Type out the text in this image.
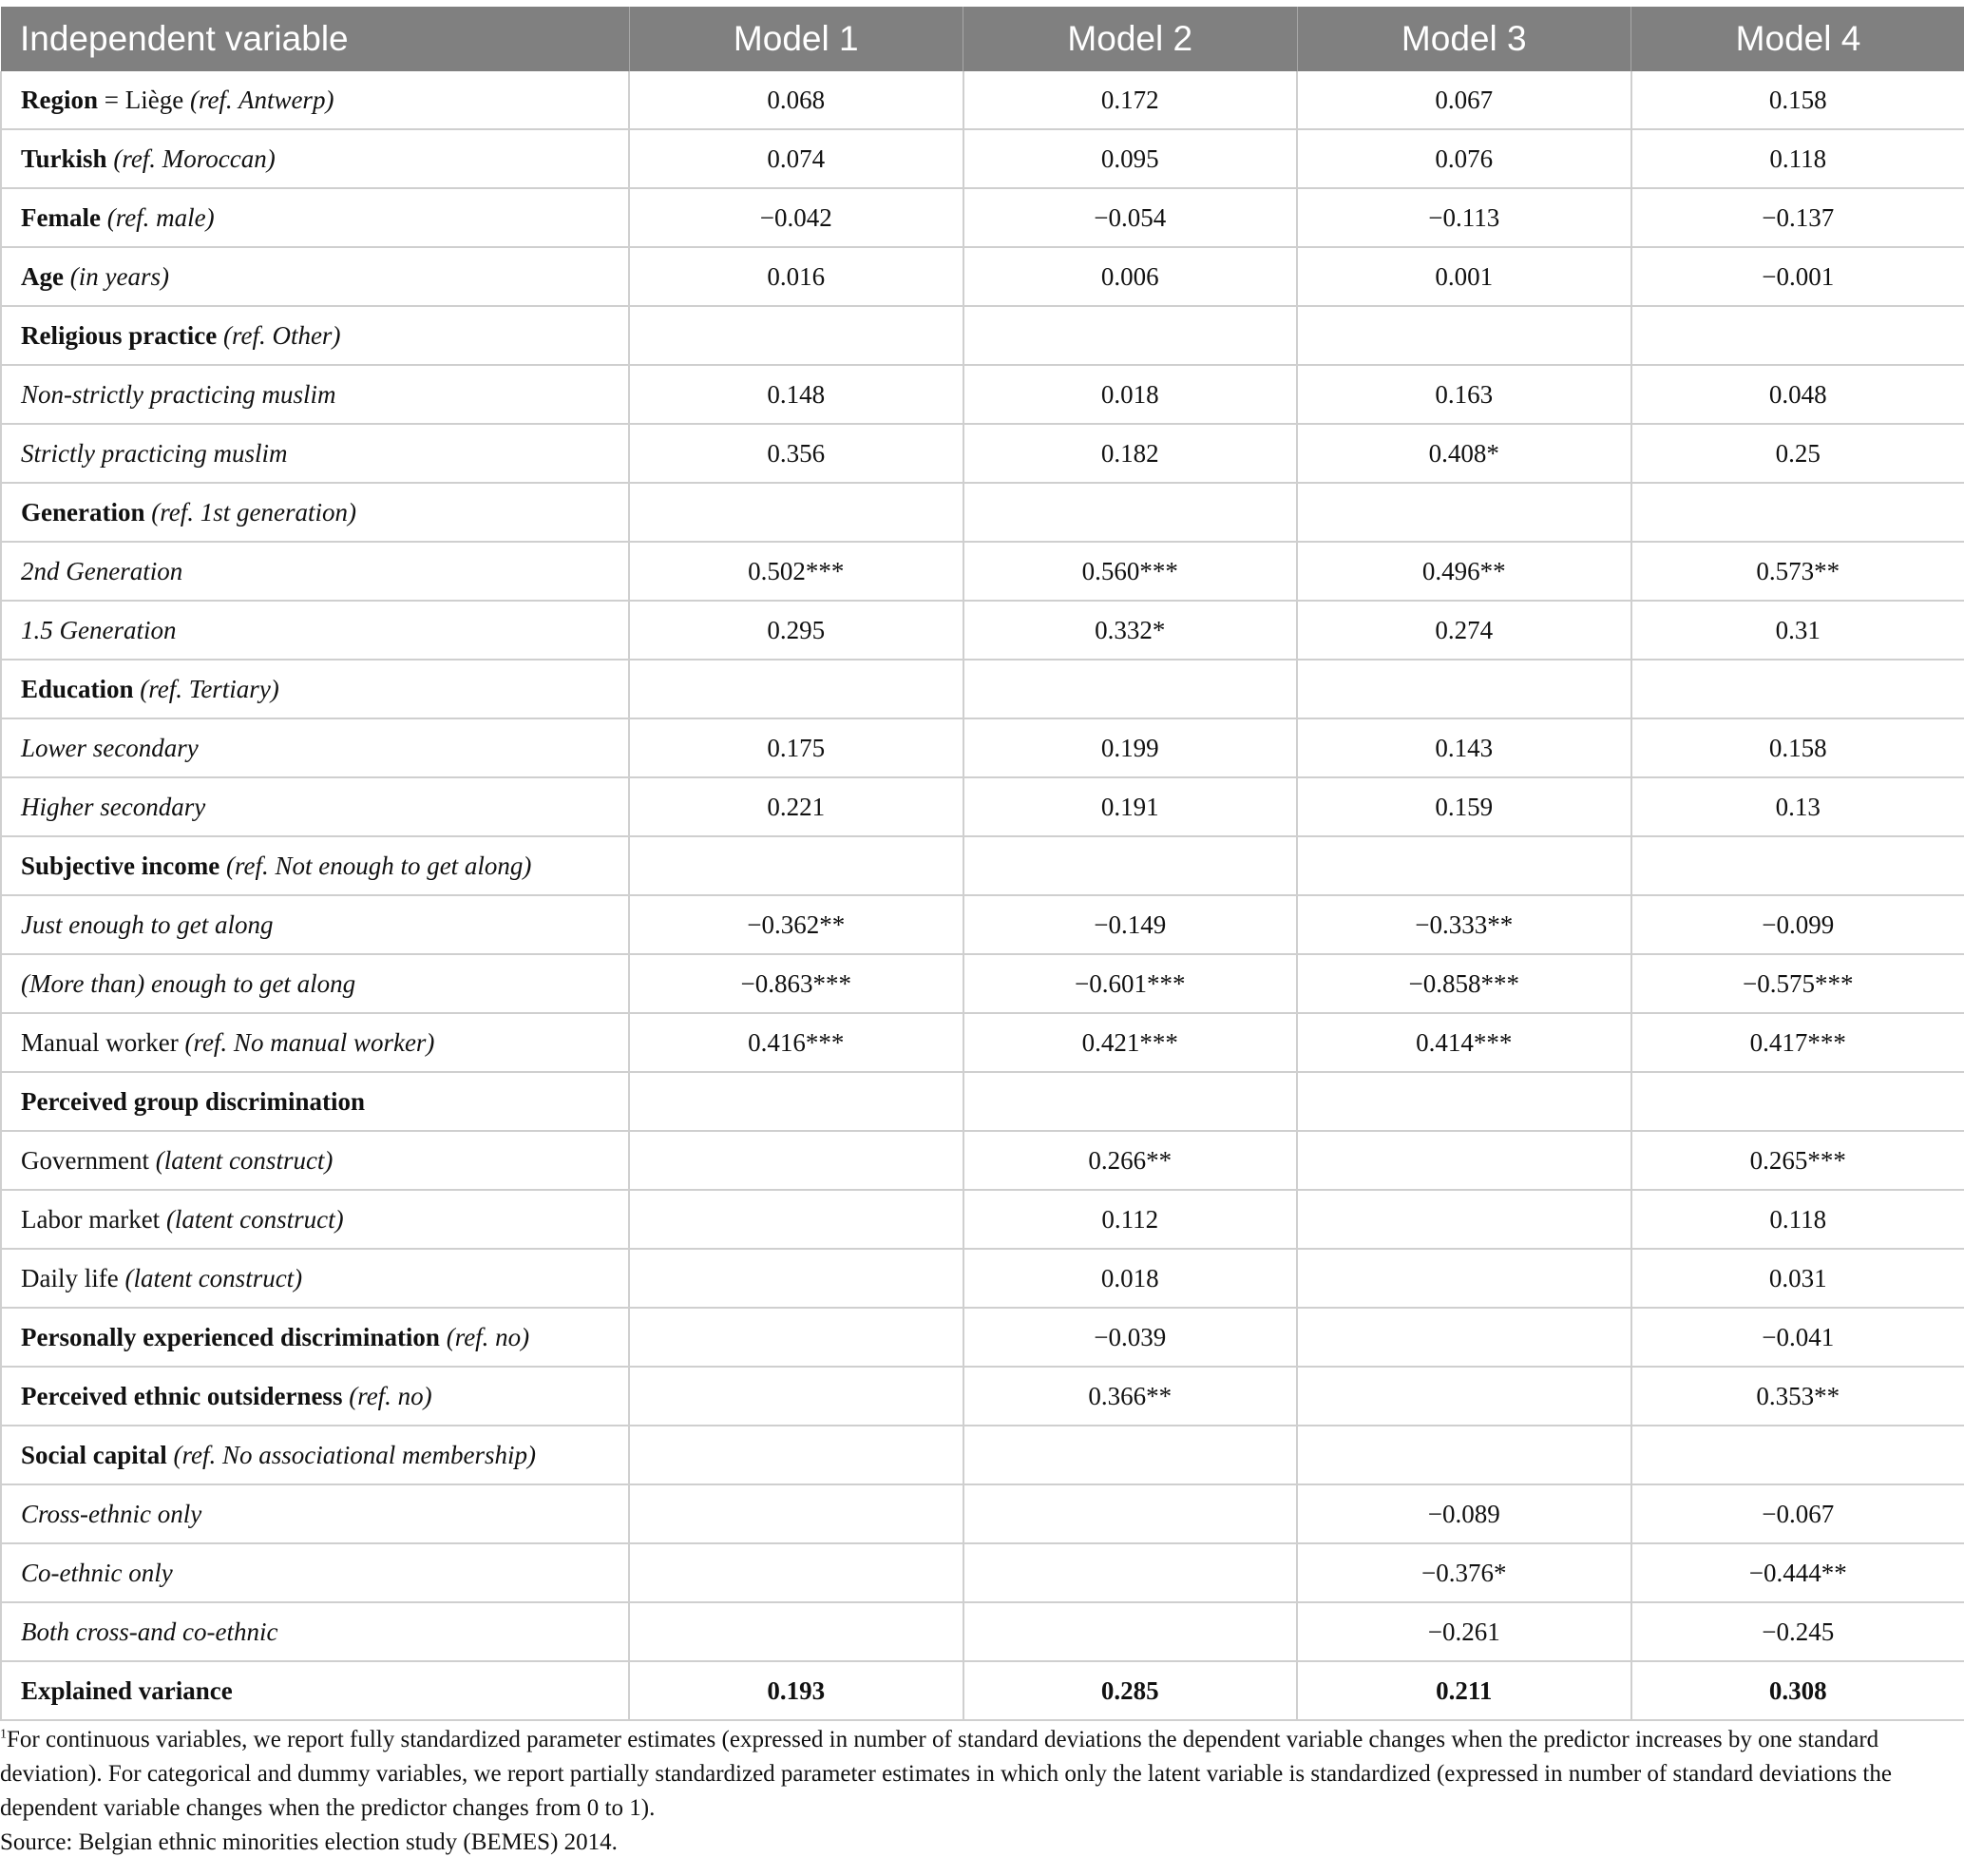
Independent variable	Model 1	Model 2	Model 3	Model 4
Region = Liège (ref. Antwerp)	0.068	0.172	0.067	0.158
Turkish (ref. Moroccan)	0.074	0.095	0.076	0.118
Female (ref. male)	−0.042	−0.054	−0.113	−0.137
Age (in years)	0.016	0.006	0.001	−0.001
Religious practice (ref. Other)				
Non-strictly practicing muslim	0.148	0.018	0.163	0.048
Strictly practicing muslim	0.356	0.182	0.408*	0.25
Generation (ref. 1st generation)				
2nd Generation	0.502***	0.560***	0.496**	0.573**
1.5 Generation	0.295	0.332*	0.274	0.31
Education (ref. Tertiary)				
Lower secondary	0.175	0.199	0.143	0.158
Higher secondary	0.221	0.191	0.159	0.13
Subjective income (ref. Not enough to get along)				
Just enough to get along	−0.362**	−0.149	−0.333**	−0.099
(More than) enough to get along	−0.863***	−0.601***	−0.858***	−0.575***
Manual worker (ref. No manual worker)	0.416***	0.421***	0.414***	0.417***
Perceived group discrimination				
Government (latent construct)		0.266**		0.265***
Labor market (latent construct)		0.112		0.118
Daily life (latent construct)		0.018		0.031
Personally experienced discrimination (ref. no)		−0.039		−0.041
Perceived ethnic outsiderness (ref. no)		0.366**		0.353**
Social capital (ref. No associational membership)				
Cross-ethnic only			−0.089	−0.067
Co-ethnic only			−0.376*	−0.444**
Both cross-and co-ethnic			−0.261	−0.245
Explained variance	0.193	0.285	0.211	0.308

$^1$For continuous variables, we report fully standardized parameter estimates (expressed in number of standard deviations the dependent variable changes when the predictor increases by one standard deviation). For categorical and dummy variables, we report partially standardized parameter estimates in which only the latent variable is standardized (expressed in number of standard deviations the dependent variable changes when the predictor changes from 0 to 1).

Source: Belgian ethnic minorities election study (BEMES) 2014.
